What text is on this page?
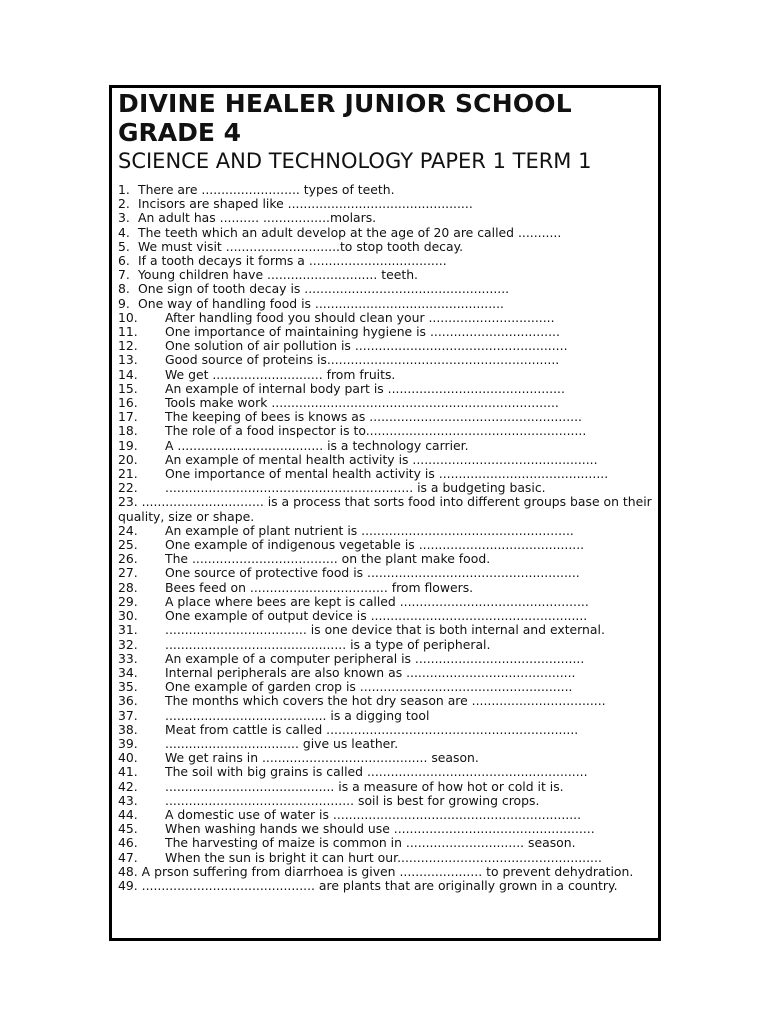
DIVINE HEALER JUNIOR SCHOOL

GRADE 4

SCIENCE AND TECHNOLOGY PAPER 1 TERM 1

1. There are ......................... types of teeth.
2. Incisors are shaped like ...............................................
3. An adult has .......... .................molars.
4. The teeth which an adult develop at the age of 20 are called ...........
5. We must visit .............................to stop tooth decay.
6. If a tooth decays it forms a ...................................
7. Young children have ............................ teeth.
8. One sign of tooth decay is ....................................................
9. One way of handling food is ................................................
10.	After handling food you should clean your ................................
11.	One importance of maintaining hygiene is .................................
12.	One solution of air pollution is ......................................................
13.	Good source of proteins is...........................................................
14.	We get ............................ from fruits.
15.	An example of internal body part is .............................................
16.	Tools make work .........................................................................
17.	The keeping of bees is knows as ......................................................
18.	The role of a food inspector is to........................................................
19.	A ..................................... is a technology carrier.
20.	An example of mental health activity is ...............................................
21.	One importance of mental health activity is ...........................................
22.	............................................................... is a budgeting basic.
23. ............................... is a process that sorts food into different groups base on their quality, size or shape.
24.	An example of plant nutrient is ......................................................
25.	One example of indigenous vegetable is ..........................................
26.	The ..................................... on the plant make food.
27.	One source of protective food is ......................................................
28.	Bees feed on ................................... from flowers.
29.	A place where bees are kept is called ................................................
30.	One example of output device is .......................................................
31.	.................................... is one device that is both internal and external.
32.	.............................................. is a type of peripheral.
33.	An example of a computer peripheral is ...........................................
34.	Internal peripherals are also known as ...........................................
35.	One example of garden crop is ......................................................
36.	The months which covers the hot dry season are ..................................
37.	......................................... is a digging tool
38.	Meat from cattle is called ................................................................
39.	.................................. give us leather.
40.	We get rains in .......................................... season.
41.	The soil with big grains is called ........................................................
42.	........................................... is a measure of how hot or cold it is.
43.	................................................ soil is best for growing crops.
44.	A domestic use of water is ...............................................................
45.	When washing hands we should use ...................................................
46.	The harvesting of maize is common in .............................. season.
47.	When the sun is bright it can hurt our....................................................
48. A prson suffering from diarrhoea is given ..................... to prevent dehydration.
49. ............................................ are plants that are originally grown in a country.
